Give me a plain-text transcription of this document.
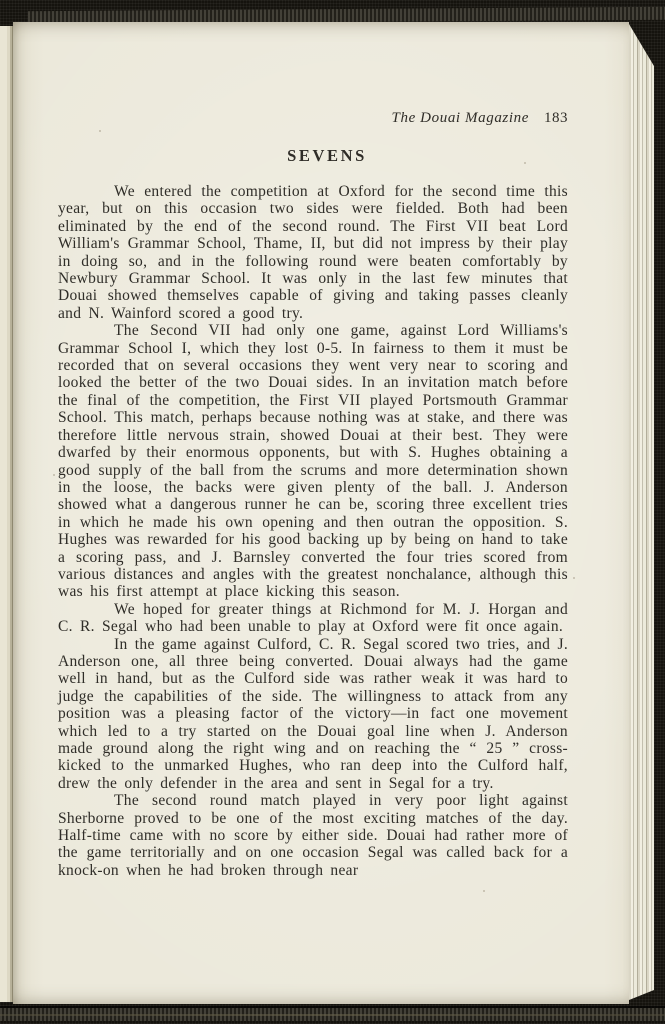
The Douai Magazine 183
SEVENS

We entered the competition at Oxford for the second time this year, but on this occasion two sides were fielded. Both had been eliminated by the end of the second round. The First VII beat Lord William's Grammar School, Thame, II, but did not impress by their play in doing so, and in the following round were beaten comfortably by Newbury Grammar School. It was only in the last few minutes that Douai showed themselves capable of giving and taking passes cleanly and N. Wainford scored a good try.

The Second VII had only one game, against Lord Williams's Grammar School I, which they lost 0-5. In fairness to them it must be recorded that on several occasions they went very near to scoring and looked the better of the two Douai sides. In an invitation match before the final of the competition, the First VII played Portsmouth Grammar School. This match, perhaps because nothing was at stake, and there was therefore little nervous strain, showed Douai at their best. They were dwarfed by their enormous opponents, but with S. Hughes obtaining a good supply of the ball from the scrums and more determination shown in the loose, the backs were given plenty of the ball. J. Anderson showed what a dangerous runner he can be, scoring three excellent tries in which he made his own opening and then outran the opposition. S. Hughes was rewarded for his good backing up by being on hand to take a scoring pass, and J. Barnsley converted the four tries scored from various distances and angles with the greatest nonchalance, although this was his first attempt at place kicking this season.

We hoped for greater things at Richmond for M. J. Horgan and C. R. Segal who had been unable to play at Oxford were fit once again.

In the game against Culford, C. R. Segal scored two tries, and J. Anderson one, all three being converted. Douai always had the game well in hand, but as the Culford side was rather weak it was hard to judge the capabilities of the side. The willingness to attack from any position was a pleasing factor of the victory—in fact one movement which led to a try started on the Douai goal line when J. Anderson made ground along the right wing and on reaching the “ 25 ” cross-kicked to the unmarked Hughes, who ran deep into the Culford half, drew the only defender in the area and sent in Segal for a try.

The second round match played in very poor light against Sherborne proved to be one of the most exciting matches of the day. Half-time came with no score by either side. Douai had rather more of the game territorially and on one occasion Segal was called back for a knock-on when he had broken through near
